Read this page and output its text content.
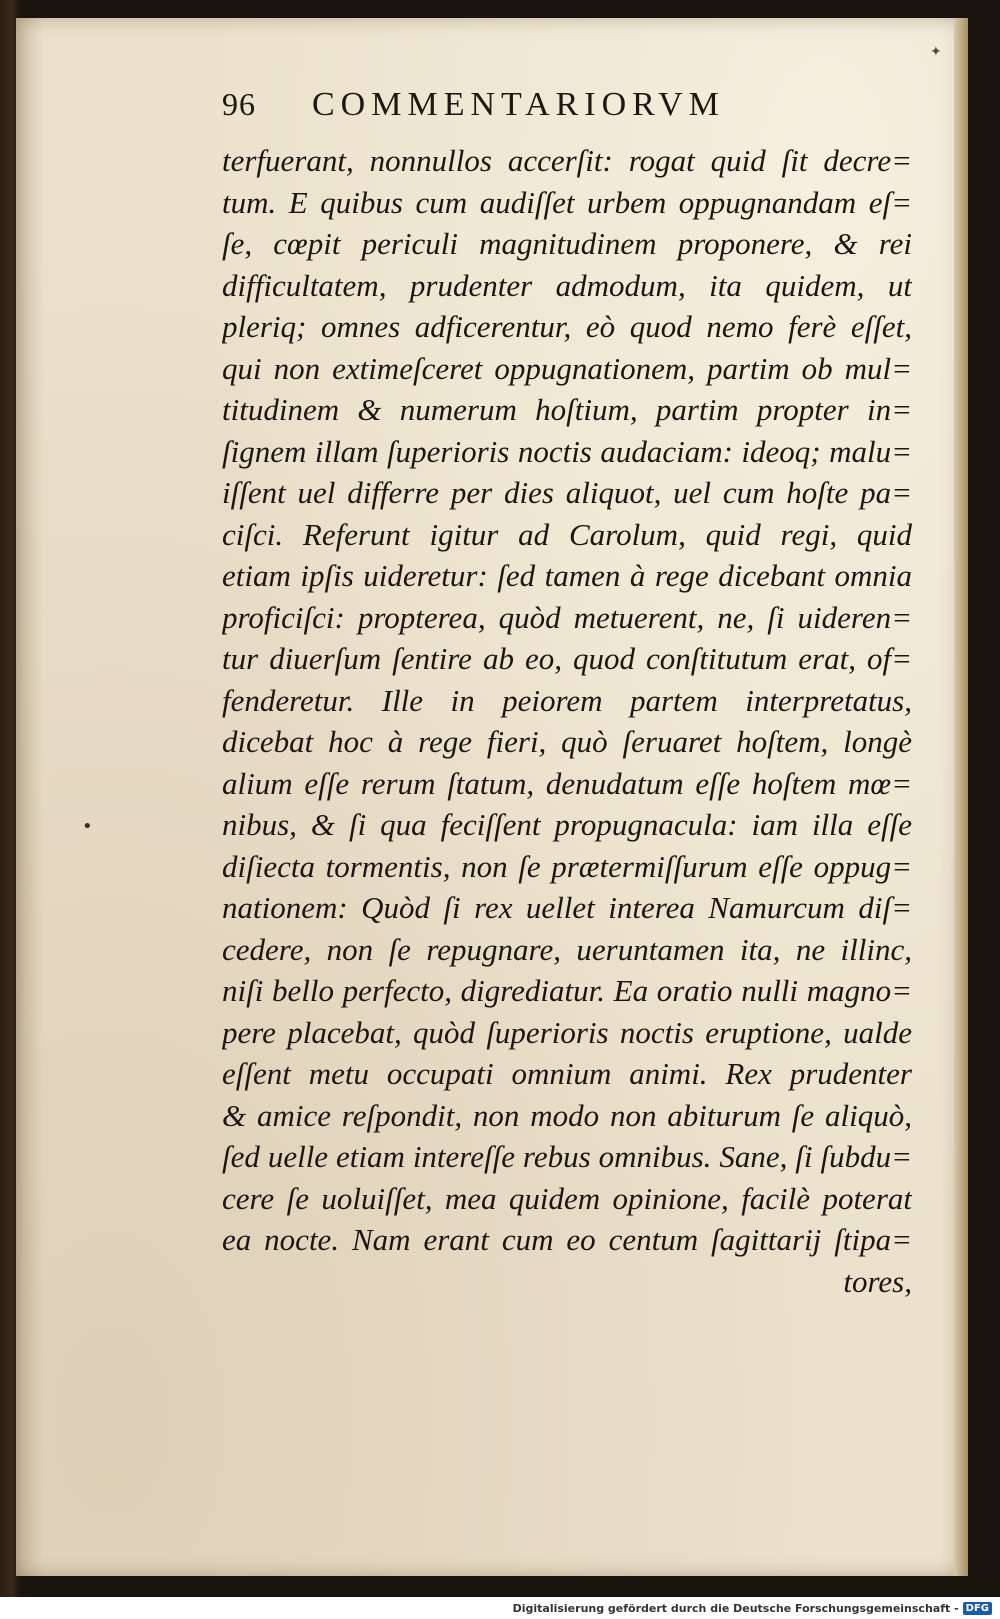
✦
96	COMMENTARIORVM
terfuerant, nonnullos accerſit: rogat quid ſit decre=
tum. E quibus cum audiſſet urbem oppugnandam eſ=
ſe, cœpit periculi magnitudinem proponere, & rei
difficultatem, prudenter admodum, ita quidem, ut
pleriq; omnes adficerentur, eò quod nemo ferè eſſet,
qui non extimeſceret oppugnationem, partim ob mul=
titudinem & numerum hoſtium, partim propter in=
ſignem illam ſuperioris noctis audaciam: ideoq; malu=
iſſent uel differre per dies aliquot, uel cum hoſte pa=
ciſci. Referunt igitur ad Carolum, quid regi, quid
etiam ipſis uideretur: ſed tamen à rege dicebant omnia
proficiſci: propterea, quòd metuerent, ne, ſi uideren=
tur diuerſum ſentire ab eo, quod conſtitutum erat, of=
fenderetur. Ille in peiorem partem interpretatus,
dicebat hoc à rege fieri, quò ſeruaret hoſtem, longè
alium eſſe rerum ſtatum, denudatum eſſe hoſtem mœ=
nibus, & ſi qua feciſſent propugnacula: iam illa eſſe
diſiecta tormentis, non ſe prætermiſſurum eſſe oppug=
nationem: Quòd ſi rex uellet interea Namurcum diſ=
cedere, non ſe repugnare, ueruntamen ita, ne illinc,
niſi bello perfecto, digrediatur. Ea oratio nulli magno=
pere placebat, quòd ſuperioris noctis eruptione, ualde
eſſent metu occupati omnium animi. Rex prudenter
& amice reſpondit, non modo non abiturum ſe aliquò,
ſed uelle etiam intereſſe rebus omnibus. Sane, ſi ſubdu=
cere ſe uoluiſſet, mea quidem opinione, facilè poterat
ea nocte. Nam erant cum eo centum ſagittarij ſtipa=
tores,
•
Digitalisierung gefördert durch die Deutsche Forschungsgemeinschaft - DFG
